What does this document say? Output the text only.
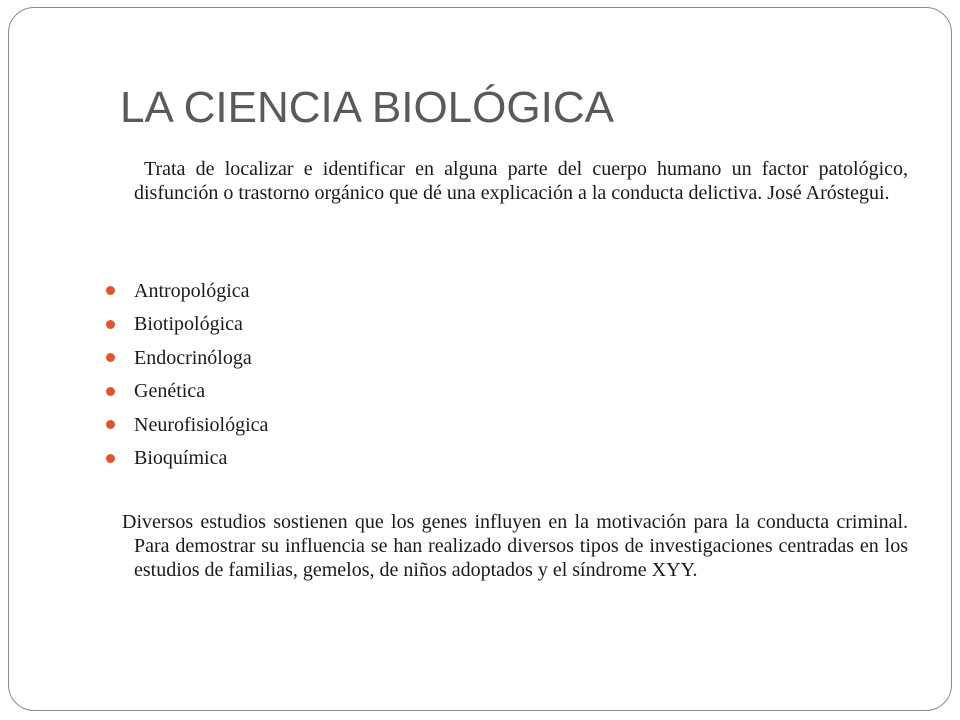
LA CIENCIA BIOLÓGICA

Trata de localizar e identificar en alguna parte del cuerpo humano un factor patológico, disfunción o trastorno orgánico que dé una explicación a la conducta delictiva. José Aróstegui.

Antropológica
Biotipológica
Endocrinóloga
Genética
Neurofisiológica
Bioquímica

Diversos estudios sostienen que los genes influyen en la motivación para la conducta criminal. Para demostrar su influencia se han realizado diversos tipos de investigaciones centradas en los estudios de familias, gemelos, de niños adoptados y el síndrome XYY.
